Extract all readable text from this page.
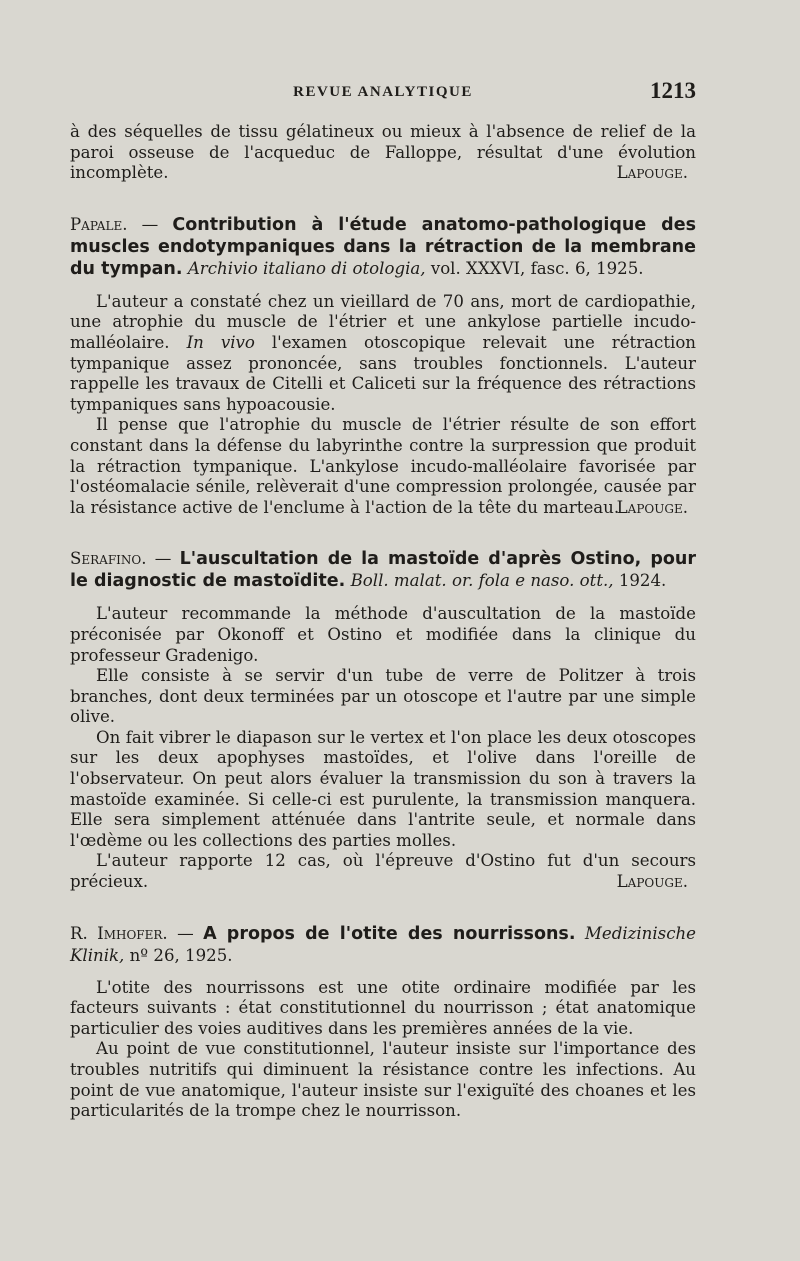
REVUE ANALYTIQUE	1213

à des séquelles de tissu gélatineux ou mieux à l'absence de relief de la paroi osseuse de l'acqueduc de Falloppe, résultat d'une évolution incomplète.	Lapouge.

Papale. — Contribution à l'étude anatomo-pathologique des muscles endotympaniques dans la rétraction de la membrane du tympan. Archivio italiano di otologia, vol. XXXVI, fasc. 6, 1925.

L'auteur a constaté chez un vieillard de 70 ans, mort de cardiopathie, une atrophie du muscle de l'étrier et une ankylose partielle incudo-malléolaire. In vivo l'examen otoscopique relevait une rétraction tympanique assez prononcée, sans troubles fonctionnels. L'auteur rappelle les travaux de Citelli et Caliceti sur la fréquence des rétractions tympaniques sans hypoacousie.

Il pense que l'atrophie du muscle de l'étrier résulte de son effort constant dans la défense du labyrinthe contre la surpression que produit la rétraction tympanique. L'ankylose incudo-malléolaire favorisée par l'ostéomalacie sénile, relèverait d'une compression prolongée, causée par la résistance active de l'enclume à l'action de la tête du marteau.

Lapouge.

Serafino. — L'auscultation de la mastoïde d'après Ostino, pour le diagnostic de mastoïdite. Boll. malat. or. fola e naso. ott., 1924.

L'auteur recommande la méthode d'auscultation de la mastoïde préconisée par Okonoff et Ostino et modifiée dans la clinique du professeur Gradenigo.

Elle consiste à se servir d'un tube de verre de Politzer à trois branches, dont deux terminées par un otoscope et l'autre par une simple olive.

On fait vibrer le diapason sur le vertex et l'on place les deux otoscopes sur les deux apophyses mastoïdes, et l'olive dans l'oreille de l'observateur. On peut alors évaluer la transmission du son à travers la mastoïde examinée. Si celle-ci est purulente, la transmission manquera. Elle sera simplement atténuée dans l'antrite seule, et normale dans l'œdème ou les collections des parties molles.

L'auteur rapporte 12 cas, où l'épreuve d'Ostino fut d'un secours précieux.	Lapouge.

R. Imhofer. — A propos de l'otite des nourrissons. Medizinische Klinik, nº 26, 1925.

L'otite des nourrissons est une otite ordinaire modifiée par les facteurs suivants : état constitutionnel du nourrisson ; état anatomique particulier des voies auditives dans les premières années de la vie.

Au point de vue constitutionnel, l'auteur insiste sur l'importance des troubles nutritifs qui diminuent la résistance contre les infections. Au point de vue anatomique, l'auteur insiste sur l'exiguïté des choanes et les particularités de la trompe chez le nourrisson.
